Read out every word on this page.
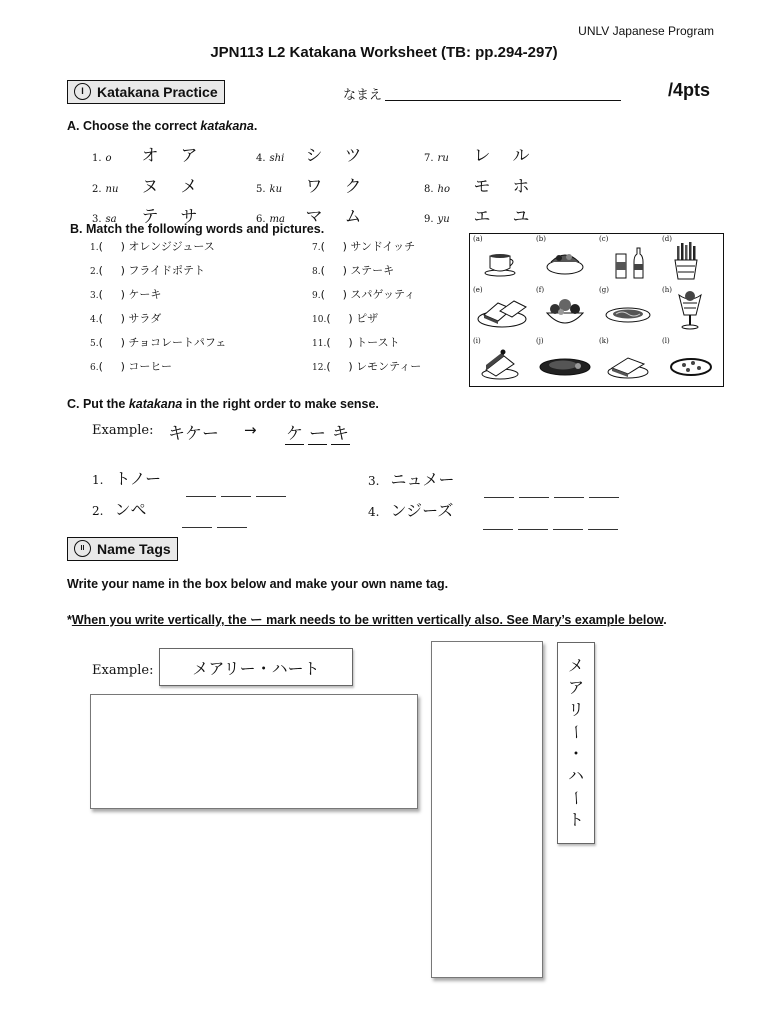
UNLV Japanese Program
JPN113 L2 Katakana Worksheet (TB: pp.294-297)
I Katakana Practice	なまえ	/4pts
A. Choose the correct katakana.
1. o	オ ア
2. nu	ヌ メ
3. sa	テ サ
4. shi	シ ツ
5. ku	ワ ク
6. ma	マ ム
7. ru	レ ル
8. ho	モ ホ
9. yu	エ ユ
B. Match the following words and pictures.
1.( ) オレンジジュース
2.( ) フライドポテト
3.( ) ケーキ
4.( ) サラダ
5.( ) チョコレートパフェ
6.( ) コーヒー
7.( ) サンドイッチ
8.( ) ステーキ
9.( ) スパゲッティ
10.( ) ピザ
11.( ) トースト
12.( ) レモンティー
(a)	(b)	(c)	(d)
(e)	(f)	(g)	(h)
(i)	(j)	(k)	(l)
C. Put the katakana in the right order to make sense.
Example: キケー → ケ ー キ
1. トノー

2. ンペ

3. ニュメー

4. ンジーズ

II Name Tags
Write your name in the box below and make your own name tag.
*When you write vertically, the ー mark needs to be written vertically also. See Mary’s example below.
Example:	メアリー・ハート	メ
ア
リ
ー
・
ハ
ー
ト
